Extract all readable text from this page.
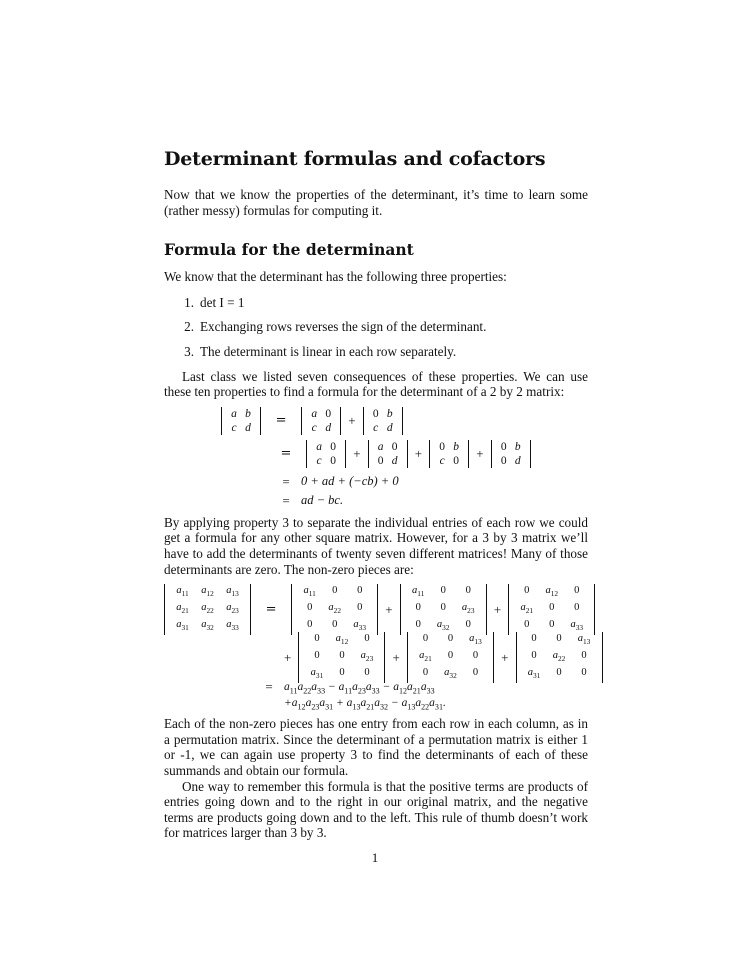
Determinant formulas and cofactors

Now that we know the properties of the determinant, it’s time to learn some (rather messy) formulas for computing it.

Formula for the determinant

We know that the determinant has the following three properties:

1. det I = 1
2. Exchanging rows reverses the sign of the determinant.
3. The determinant is linear in each row separately.

Last class we listed seven consequences of these properties. We can use these ten properties to find a formula for the determinant of a 2 by 2 matrix:

a b
c d	=	a 0
c d	+	0 b
c d
=	a 0
c 0	+	a 0
0 d	+	0 b
c 0	+	0 b
0 d
= 0 + ad + (−cb) + 0
= ad − bc.

By applying property 3 to separate the individual entries of each row we could get a formula for any other square matrix. However, for a 3 by 3 matrix we’ll have to add the determinants of twenty seven different matrices! Many of those determinants are zero. The non-zero pieces are:

$a_{11}$	$a_{12}$	$a_{13}$
$a_{21}$	$a_{22}$	$a_{23}$
$a_{31}$	$a_{32}$	$a_{33}$
=
$a_{11}$	0	0
0	$a_{22}$	0
0	0	$a_{33}$
+
$a_{11}$	0	0
0	0	$a_{23}$
0	$a_{32}$	0
+
0	$a_{12}$	0
$a_{21}$	0	0
0	0	$a_{33}$
+
0	$a_{12}$	0
0	0	$a_{23}$
$a_{31}$	0	0
+
0	0	$a_{13}$
$a_{21}$	0	0
0	$a_{32}$	0
+
0	0	$a_{13}$
0	$a_{22}$	0
$a_{31}$	0	0
= $a_{11}a_{22}a_{33} - a_{11}a_{23}a_{33} - a_{12}a_{21}a_{33}$
$+a_{12}a_{23}a_{31} + a_{13}a_{21}a_{32} - a_{13}a_{22}a_{31}$.

Each of the non-zero pieces has one entry from each row in each column, as in a permutation matrix. Since the determinant of a permutation matrix is either 1 or -1, we can again use property 3 to find the determinants of each of these summands and obtain our formula.

One way to remember this formula is that the positive terms are products of entries going down and to the right in our original matrix, and the negative terms are products going down and to the left. This rule of thumb doesn’t work for matrices larger than 3 by 3.

1
